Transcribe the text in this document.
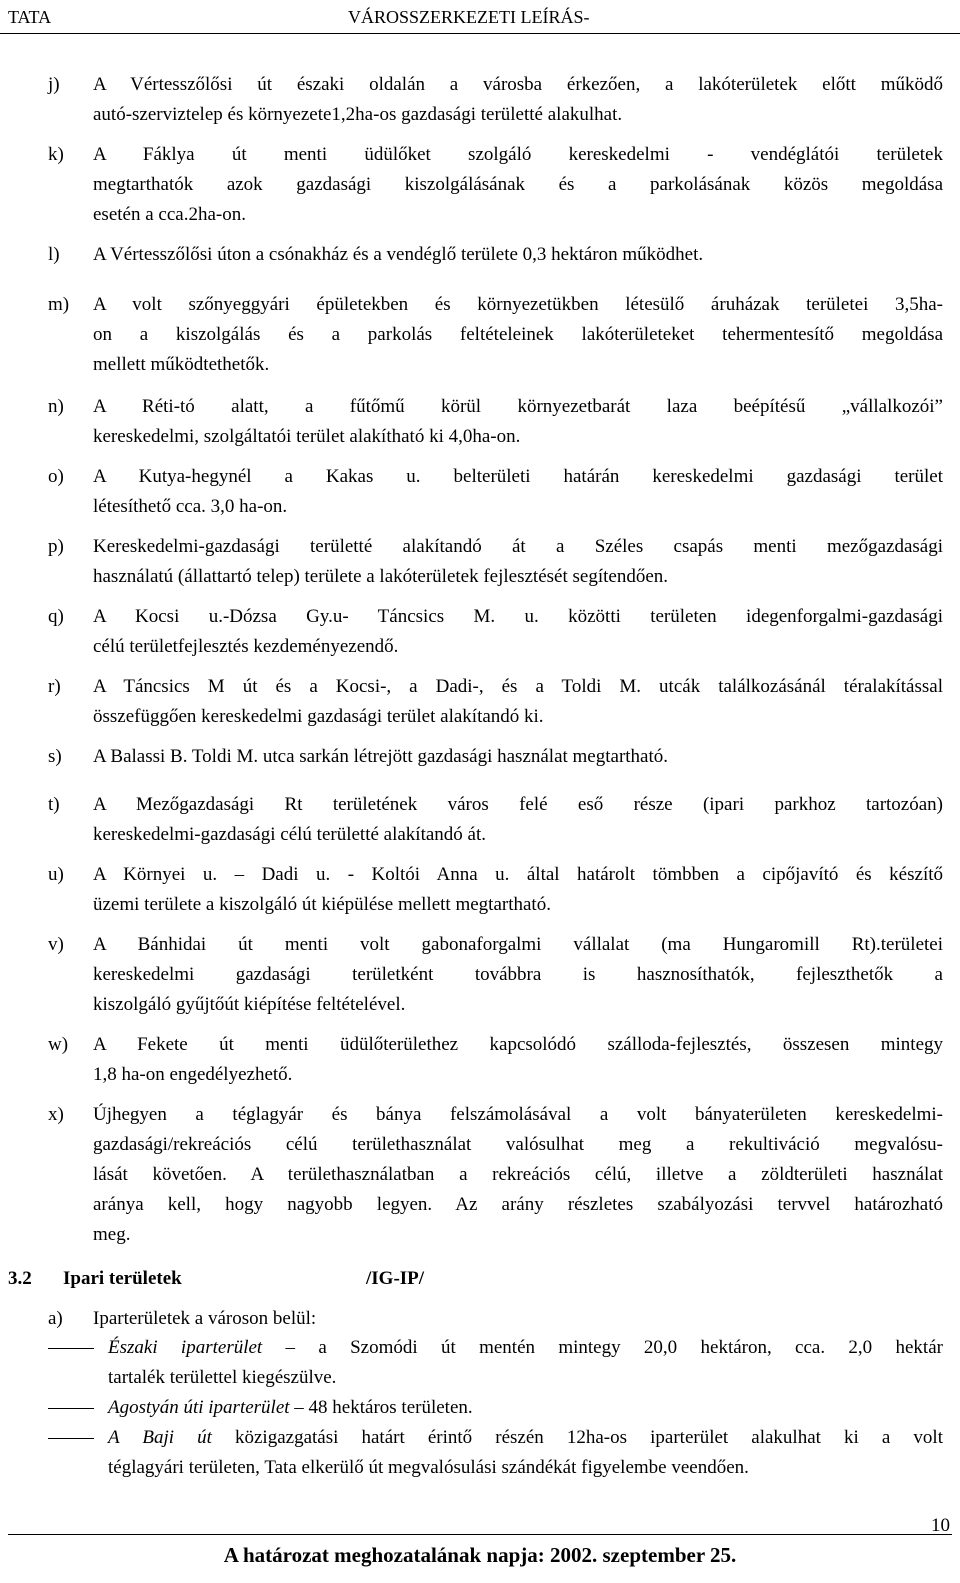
TATA	VÁROSSZERKEZETI LEÍRÁS-
j) A Vértesszőlősi út északi oldalán a városba érkezően, a lakóterületek előtt működő
autó-szerviztelep és környezete1,2ha-os gazdasági területté alakulhat.
k) A Fáklya út menti üdülőket szolgáló kereskedelmi - vendéglátói területek
megtarthatók azok gazdasági kiszolgálásának és a parkolásának közös megoldása
esetén a cca.2ha-on.
l) A Vértesszőlősi úton a csónakház és a vendéglő területe 0,3 hektáron működhet.
m) A volt szőnyeggyári épületekben és környezetükben létesülő áruházak területei 3,5ha-
on a kiszolgálás és a parkolás feltételeinek lakóterületeket tehermentesítő megoldása
mellett működtethetők.
n) A Réti-tó alatt, a fűtőmű körül környezetbarát laza beépítésű „vállalkozói”
kereskedelmi, szolgáltatói terület alakítható ki 4,0ha-on.
o) A Kutya-hegynél a Kakas u. belterületi határán kereskedelmi gazdasági terület
létesíthető cca. 3,0 ha-on.
p) Kereskedelmi-gazdasági területté alakítandó át a Széles csapás menti mezőgazdasági
használatú (állattartó telep) területe a lakóterületek fejlesztését segítendően.
q) A Kocsi u.-Dózsa Gy.u- Táncsics M. u. közötti területen idegenforgalmi-gazdasági
célú területfejlesztés kezdeményezendő.
r) A Táncsics M út és a Kocsi-, a Dadi-, és a Toldi M. utcák találkozásánál téralakítással
összefüggően kereskedelmi gazdasági terület alakítandó ki.
s) A Balassi B. Toldi M. utca sarkán létrejött gazdasági használat megtartható.
t) A Mezőgazdasági Rt területének város felé eső része (ipari parkhoz tartozóan)
kereskedelmi-gazdasági célú területté alakítandó át.
u) A Környei u. – Dadi u. - Koltói Anna u. által határolt tömbben a cipőjavító és készítő
üzemi területe a kiszolgáló út kiépülése mellett megtartható.
v) A Bánhidai út menti volt gabonaforgalmi vállalat (ma Hungaromill Rt).területei
kereskedelmi gazdasági területként továbbra is hasznosíthatók, fejleszthetők a
kiszolgáló gyűjtőút kiépítése feltételével.
w) A Fekete út menti üdülőterülethez kapcsolódó szálloda-fejlesztés, összesen mintegy
1,8 ha-on engedélyezhető.
x) Újhegyen a téglagyár és bánya felszámolásával a volt bányaterületen kereskedelmi-
gazdasági/rekreációs célú területhasználat valósulhat meg a rekultiváció megvalósu-
lását követően. A területhasználatban a rekreációs célú, illetve a zöldterületi használat
aránya kell, hogy nagyobb legyen. Az arány részletes szabályozási tervvel határozható
meg.
3.2 Ipari területek	/IG-IP/
a) Iparterületek a városon belül:
Északi iparterület – a Szomódi út mentén mintegy 20,0 hektáron, cca. 2,0 hektár
tartalék területtel kiegészülve.
Agostyán úti iparterület – 48 hektáros területen.
A Baji út közigazgatási határt érintő részén 12ha-os iparterület alakulhat ki a volt
téglagyári területen, Tata elkerülő út megvalósulási szándékát figyelembe veendően.
10
A határozat meghozatalának napja: 2002. szeptember 25.
